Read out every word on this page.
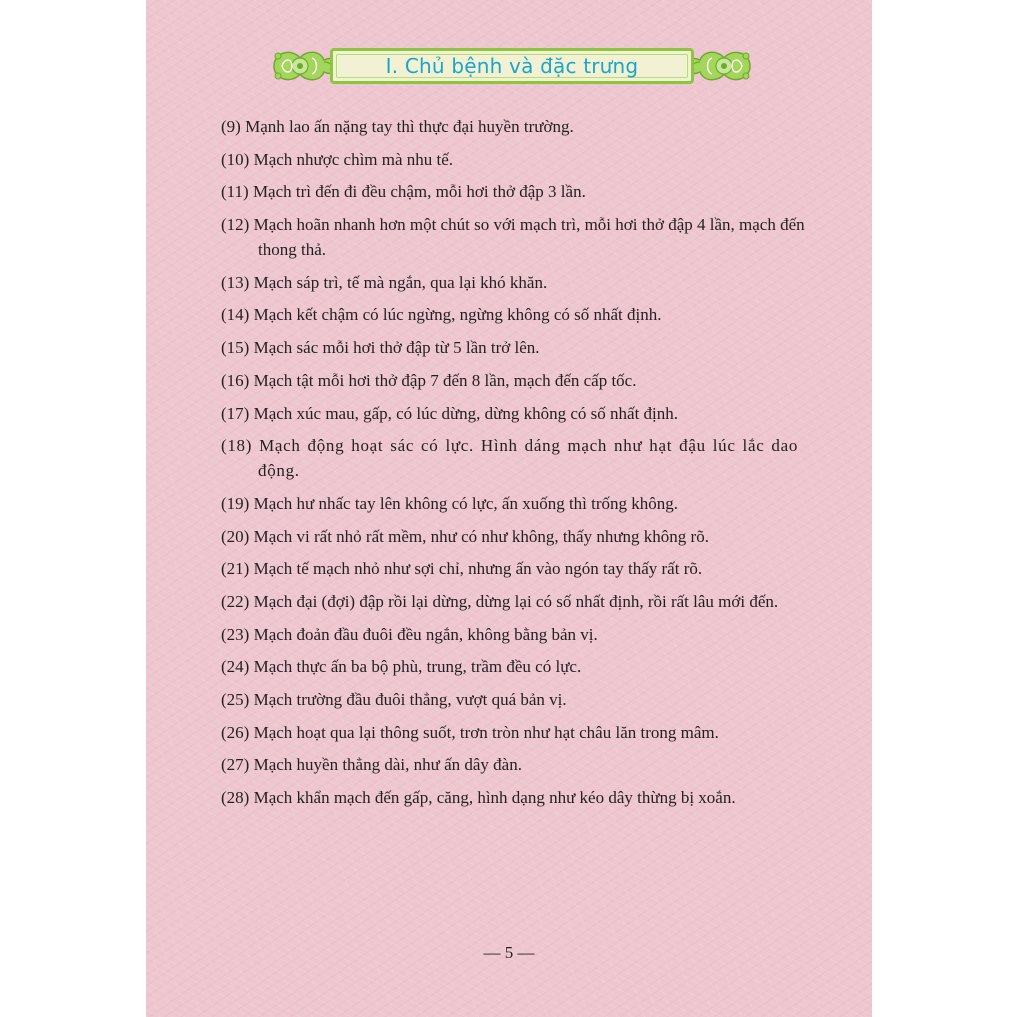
I. Chủ bệnh và đặc trưng
(9) Mạnh lao ấn nặng tay thì thực đại huyền trường.
(10) Mạch nhược chìm mà nhu tế.
(11) Mạch trì đến đi đều chậm, mỗi hơi thở đập 3 lần.
(12) Mạch hoãn nhanh hơn một chút so với mạch trì, mỗi hơi thở đập 4 lần, mạch đến thong thả.
(13) Mạch sáp trì, tế mà ngắn, qua lại khó khăn.
(14) Mạch kết chậm có lúc ngừng, ngừng không có số nhất định.
(15) Mạch sác mỗi hơi thở đập từ 5 lần trở lên.
(16) Mạch tật mỗi hơi thở đập 7 đến 8 lần, mạch đến cấp tốc.
(17) Mạch xúc mau, gấp, có lúc dừng, dừng không có số nhất định.
(18) Mạch động hoạt sác có lực. Hình dáng mạch như hạt đậu lúc lắc dao động.
(19) Mạch hư nhấc tay lên không có lực, ấn xuống thì trống không.
(20) Mạch vi rất nhỏ rất mềm, như có như không, thấy nhưng không rõ.
(21) Mạch tế mạch nhỏ như sợi chỉ, nhưng ấn vào ngón tay thấy rất rõ.
(22) Mạch đại (đợi) đập rồi lại dừng, dừng lại có số nhất định, rồi rất lâu mới đến.
(23) Mạch đoản đầu đuôi đều ngắn, không bằng bản vị.
(24) Mạch thực ấn ba bộ phù, trung, trầm đều có lực.
(25) Mạch trường đầu đuôi thẳng, vượt quá bản vị.
(26) Mạch hoạt qua lại thông suốt, trơn tròn như hạt châu lăn trong mâm.
(27) Mạch huyền thẳng dài, như ấn dây đàn.
(28) Mạch khẩn mạch đến gấp, căng, hình dạng như kéo dây thừng bị xoắn.
— 5 —
